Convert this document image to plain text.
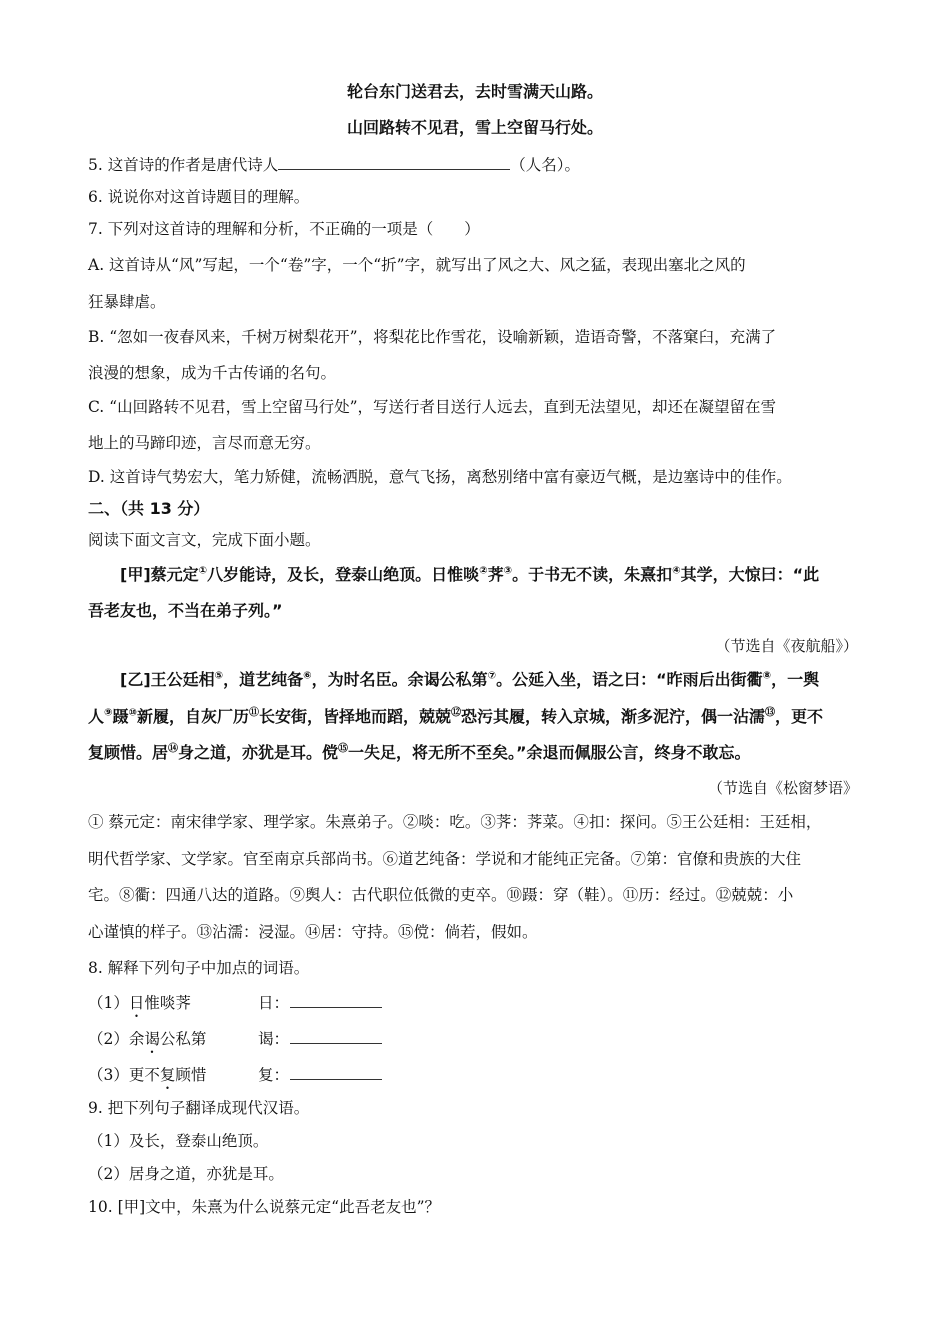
轮台东门送君去，去时雪满天山路。
山回路转不见君，雪上空留马行处。
5. 这首诗的作者是唐代诗人	（人名）。
6. 说说你对这首诗题目的理解。
7. 下列对这首诗的理解和分析，不正确的一项是（　　）
A. 这首诗从“风”写起，一个“卷”字，一个“折”字，就写出了风之大、风之猛，表现出塞北之风的
狂暴肆虐。
B. “忽如一夜春风来，千树万树梨花开”，将梨花比作雪花，设喻新颖，造语奇警，不落窠臼，充满了
浪漫的想象，成为千古传诵的名句。
C. “山回路转不见君，雪上空留马行处”，写送行者目送行人远去，直到无法望见，却还在凝望留在雪
地上的马蹄印迹，言尽而意无穷。
D. 这首诗气势宏大，笔力矫健，流畅洒脱，意气飞扬，离愁别绪中富有豪迈气概，是边塞诗中的佳作。
二、（共 13 分）
阅读下面文言文，完成下面小题。
[甲]蔡元定①八岁能诗，及长，登泰山绝顶。日惟啖②荠③。于书无不读，朱熹扣④其学，大惊曰：“此
吾老友也，不当在弟子列。”
（节选自《夜航船》）
[乙]王公廷相⑤，道艺纯备⑥，为时名臣。余谒公私第⑦。公延入坐，语之曰：“昨雨后出街衢⑧，一舆
人⑨蹑⑩新履，自灰厂历⑪长安街，皆择地而蹈，兢兢⑫恐污其履，转入京城，渐多泥泞，偶一沾濡⑬，更不
复顾惜。居⑭身之道，亦犹是耳。傥⑮一失足，将无所不至矣。”余退而佩服公言，终身不敢忘。
（节选自《松窗梦语》
① 蔡元定：南宋律学家、理学家。朱熹弟子。②啖：吃。③荠：荠菜。④扣：探问。⑤王公廷相：王廷相，
明代哲学家、文学家。官至南京兵部尚书。⑥道艺纯备：学说和才能纯正完备。⑦第：官僚和贵族的大住
宅。⑧衢：四通八达的道路。⑨舆人：古代职位低微的吏卒。⑩蹑：穿（鞋）。⑪历：经过。⑫兢兢：小
心谨慎的样子。⑬沾濡：浸湿。⑭居：守持。⑮傥：倘若，假如。
8. 解释下列句子中加点的词语。
（1）日惟啖荠	日：
（2）余谒公私第	谒：
（3）更不复顾惜	复：
9. 把下列句子翻译成现代汉语。
（1）及长，登泰山绝顶。
（2）居身之道，亦犹是耳。
10. [甲]文中，朱熹为什么说蔡元定“此吾老友也”？
